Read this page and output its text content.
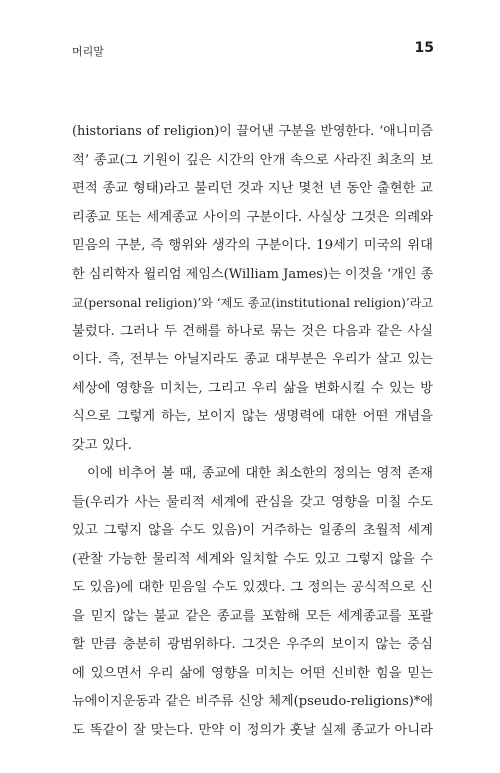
머리말	15
(historians of religion)이 끌어낸 구분을 반영한다. ‘애니미즘
적’ 종교(그 기원이 깊은 시간의 안개 속으로 사라진 최초의 보
편적 종교 형태)라고 불리던 것과 지난 몇천 년 동안 출현한 교
리종교 또는 세계종교 사이의 구분이다. 사실상 그것은 의례와
믿음의 구분, 즉 행위와 생각의 구분이다. 19세기 미국의 위대
한 심리학자 윌리엄 제임스(William James)는 이것을 ‘개인 종
교(personal religion)’와 ‘제도 종교(institutional religion)’라고
불렀다. 그러나 두 견해를 하나로 묶는 것은 다음과 같은 사실
이다. 즉, 전부는 아닐지라도 종교 대부분은 우리가 살고 있는
세상에 영향을 미치는, 그리고 우리 삶을 변화시킬 수 있는 방
식으로 그렇게 하는, 보이지 않는 생명력에 대한 어떤 개념을
갖고 있다.
이에 비추어 볼 때, 종교에 대한 최소한의 정의는 영적 존재
들(우리가 사는 물리적 세계에 관심을 갖고 영향을 미칠 수도
있고 그렇지 않을 수도 있음)이 거주하는 일종의 초월적 세계
(관찰 가능한 물리적 세계와 일치할 수도 있고 그렇지 않을 수
도 있음)에 대한 믿음일 수도 있겠다. 그 정의는 공식적으로 신
을 믿지 않는 불교 같은 종교를 포함해 모든 세계종교를 포괄
할 만큼 충분히 광범위하다. 그것은 우주의 보이지 않는 중심
에 있으면서 우리 삶에 영향을 미치는 어떤 신비한 힘을 믿는
뉴에이지운동과 같은 비주류 신앙 체계(pseudo-religions)*에
도 똑같이 잘 맞는다. 만약 이 정의가 훗날 실제 종교가 아니라
